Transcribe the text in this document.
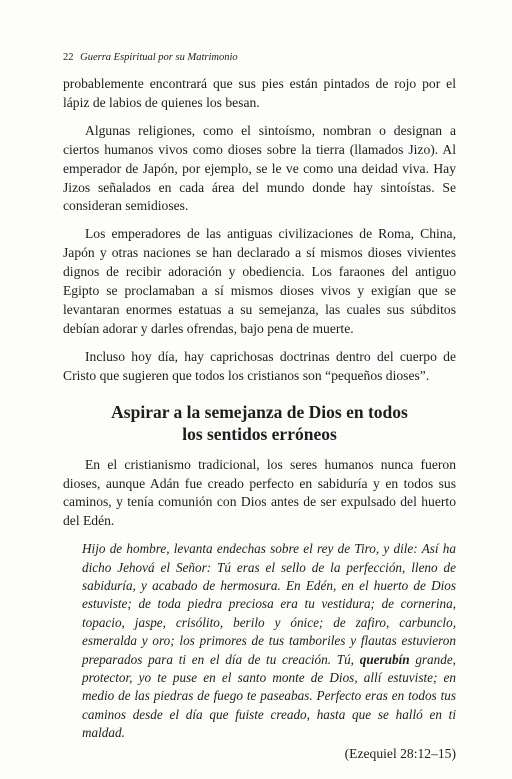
22 Guerra Espiritual por su Matrimonio

probablemente encontrará que sus pies están pintados de rojo por el lápiz de labios de quienes los besan.

Algunas religiones, como el sintoísmo, nombran o designan a ciertos humanos vivos como dioses sobre la tierra (llamados Jizo). Al emperador de Japón, por ejemplo, se le ve como una deidad viva. Hay Jizos señalados en cada área del mundo donde hay sintoístas. Se consideran semidioses.

Los emperadores de las antiguas civilizaciones de Roma, China, Japón y otras naciones se han declarado a sí mismos dioses vivientes dignos de recibir adoración y obediencia. Los faraones del antiguo Egipto se proclamaban a sí mismos dioses vivos y exigían que se levantaran enormes estatuas a su semejanza, las cuales sus súbditos debían adorar y darles ofrendas, bajo pena de muerte.

Incluso hoy día, hay caprichosas doctrinas dentro del cuerpo de Cristo que sugieren que todos los cristianos son “pequeños dioses”.

Aspirar a la semejanza de Dios en todos
los sentidos erróneos

En el cristianismo tradicional, los seres humanos nunca fueron dioses, aunque Adán fue creado perfecto en sabiduría y en todos sus caminos, y tenía comunión con Dios antes de ser expulsado del huerto del Edén.

Hijo de hombre, levanta endechas sobre el rey de Tiro, y dile: Así ha dicho Jehová el Señor: Tú eras el sello de la perfección, lleno de sabiduría, y acabado de hermosura. En Edén, en el huerto de Dios estuviste; de toda piedra preciosa era tu vestidura; de cornerina, topacio, jaspe, crisólito, berilo y ónice; de zafiro, carbunclo, esmeralda y oro; los primores de tus tamboriles y flautas estuvieron preparados para ti en el día de tu creación. Tú, querubín grande, protector, yo te puse en el santo monte de Dios, allí estuviste; en medio de las piedras de fuego te paseabas. Perfecto eras en todos tus caminos desde el día que fuiste creado, hasta que se halló en ti maldad.
(Ezequiel 28:12–15)
